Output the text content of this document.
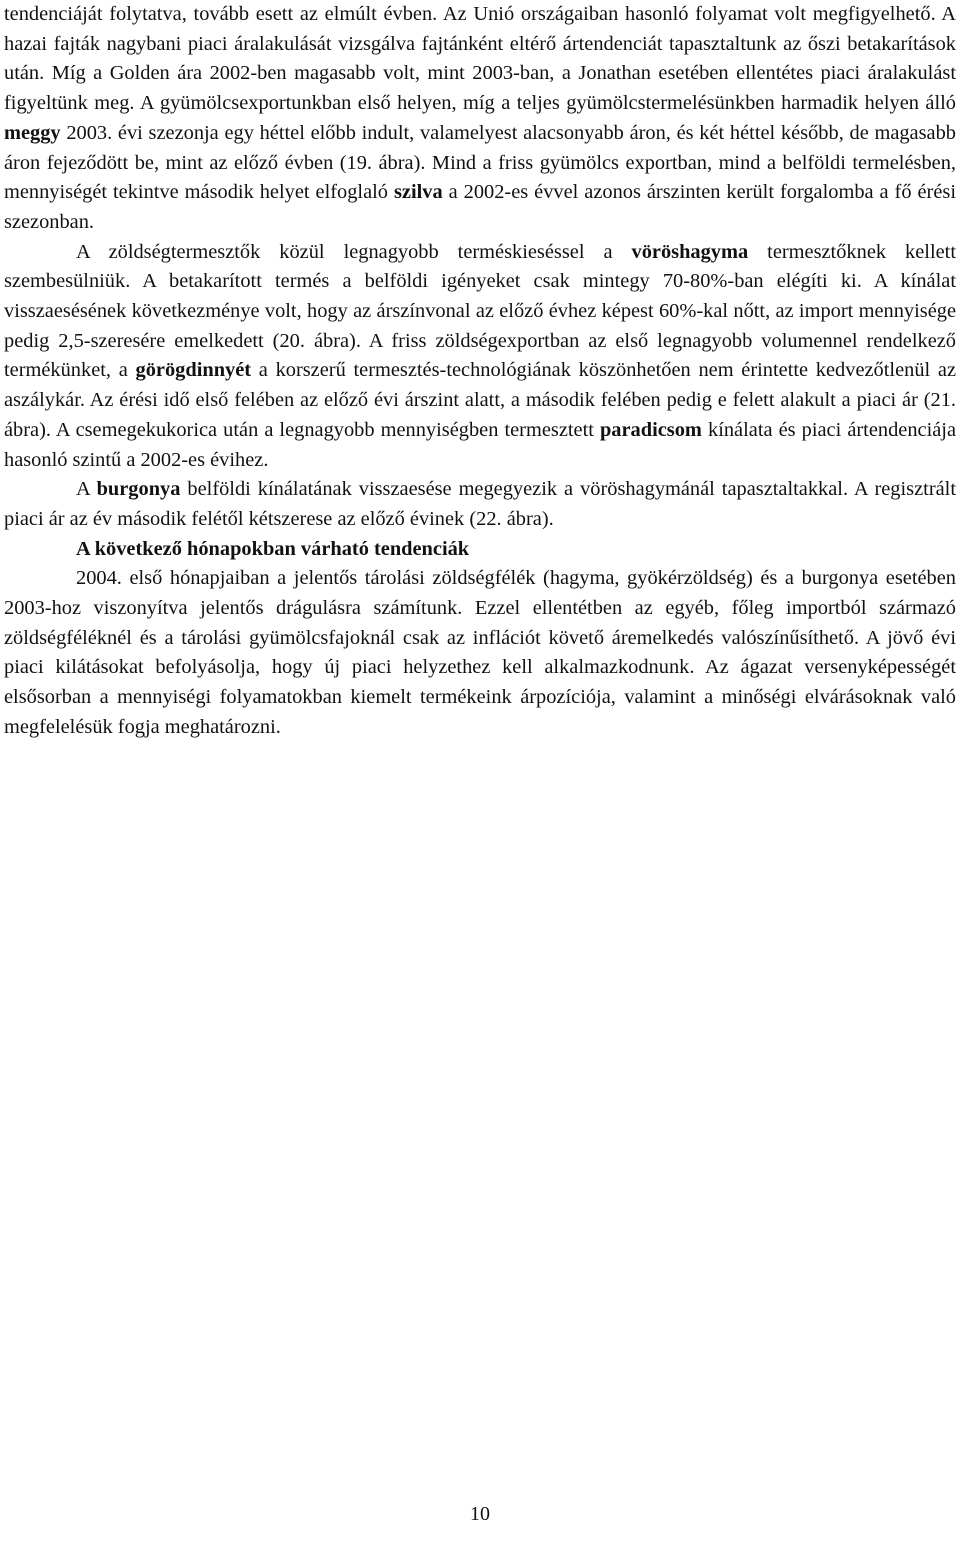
tendenciáját folytatva, tovább esett az elmúlt évben. Az Unió országaiban hasonló folyamat volt megfigyelhető. A hazai fajták nagybani piaci áralakulását vizsgálva fajtánként eltérő ártendenciát tapasztaltunk az őszi betakarítások után. Míg a Golden ára 2002-ben magasabb volt, mint 2003-ban, a Jonathan esetében ellentétes piaci áralakulást figyeltünk meg. A gyümölcsexportunkban első helyen, míg a teljes gyümölcstermelésünkben harmadik helyen álló meggy 2003. évi szezonja egy héttel előbb indult, valamelyest alacsonyabb áron, és két héttel később, de magasabb áron fejeződött be, mint az előző évben (19. ábra). Mind a friss gyümölcs exportban, mind a belföldi termelésben, mennyiségét tekintve második helyet elfoglaló szilva a 2002-es évvel azonos árszinten került forgalomba a fő érési szezonban.

A zöldségtermesztők közül legnagyobb terméskieséssel a vöröshagyma termesztőknek kellett szembesülniük. A betakarított termés a belföldi igényeket csak mintegy 70-80%-ban elégíti ki. A kínálat visszaesésének következménye volt, hogy az árszínvonal az előző évhez képest 60%-kal nőtt, az import mennyisége pedig 2,5-szeresére emelkedett (20. ábra). A friss zöldségexportban az első legnagyobb volumennel rendelkező termékünket, a görögdinnyét a korszerű termesztés-technológiának köszönhetően nem érintette kedvezőtlenül az aszálykár. Az érési idő első felében az előző évi árszint alatt, a második felében pedig e felett alakult a piaci ár (21. ábra). A csemegekukorica után a legnagyobb mennyiségben termesztett paradicsom kínálata és piaci ártendenciája hasonló szintű a 2002-es évihez.

A burgonya belföldi kínálatának visszaesése megegyezik a vöröshagymánál tapasztaltakkal. A regisztrált piaci ár az év második felétől kétszerese az előző évinek (22. ábra).

A következő hónapokban várható tendenciák

2004. első hónapjaiban a jelentős tárolási zöldségfélék (hagyma, gyökérzöldség) és a burgonya esetében 2003-hoz viszonyítva jelentős drágulásra számítunk. Ezzel ellentétben az egyéb, főleg importból származó zöldségféléknél és a tárolási gyümölcsfajoknál csak az inflációt követő áremelkedés valószínűsíthető. A jövő évi piaci kilátásokat befolyásolja, hogy új piaci helyzethez kell alkalmazkodnunk. Az ágazat versenyképességét elsősorban a mennyiségi folyamatokban kiemelt termékeink árpozíciója, valamint a minőségi elvárásoknak való megfelelésük fogja meghatározni.

10
